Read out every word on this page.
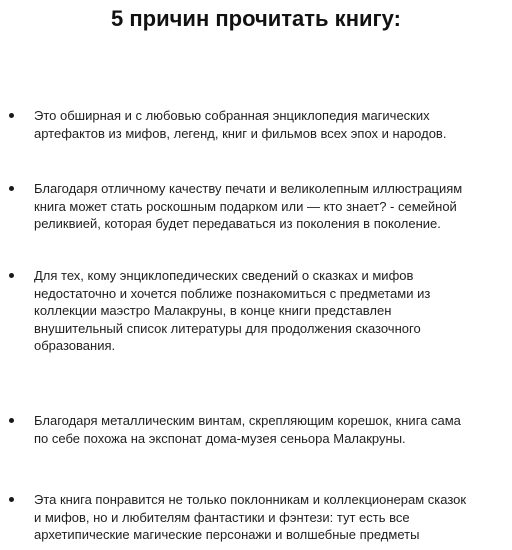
5 причин прочитать книгу:

Это обширная и с любовью собранная энциклопедия магических
артефактов из мифов, легенд, книг и фильмов всех эпох и народов.

Благодаря отличному качеству печати и великолепным иллюстрациям
книга может стать роскошным подарком или — кто знает? - семейной
реликвией, которая будет передаваться из поколения в поколение.

Для тех, кому энциклопедических сведений о сказках и мифов
недостаточно и хочется поближе познакомиться с предметами из
коллекции маэстро Малакруны, в конце книги представлен
внушительный список литературы для продолжения сказочного
образования.

Благодаря металлическим винтам, скрепляющим корешок, книга сама
по себе похожа на экспонат дома-музея сеньора Малакруны.

Эта книга понравится не только поклонникам и коллекционерам сказок
и мифов, но и любителям фантастики и фэнтези: тут есть все
архетипические магические персонажи и волшебные предметы
